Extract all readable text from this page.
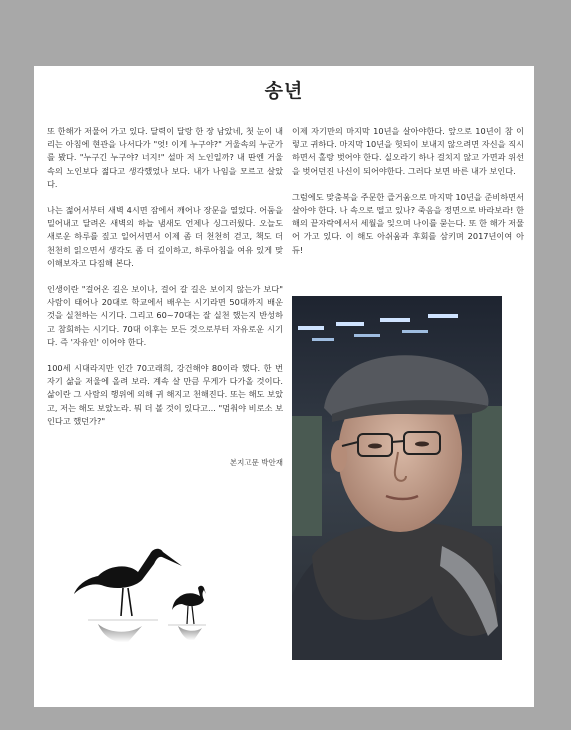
송년

또 한해가 저물어 가고 있다. 달력이 달랑 한 장 남았네, 첫 눈이 내리는 아침에 현관을 나서다가 "엇! 이게 누구야?" 거울속의 누군가를 봤다. "누구긴 누구야? 너지!" 설마 저 노인일까? 내 딴엔 거울속의 노인보다 젊다고 생각했었나 보다. 내가 나임을 모르고 살았다.

나는 젊어서부터 새벽 4시면 잠에서 깨어나 장문을 열었다. 어둠을 밀어내고 달려온 새벽의 하늘 냄새도 언제나 싱그러웠다. 오늘도 새로운 하루를 짚고 일어서면서 이제 좀 더 천천히 걷고, 책도 더 천천히 읽으면서 생각도 좀 더 깊이하고, 하루아침을 여유 있게 맞이해보자고 다짐해 본다.

인생이란 "걸어온 길은 보이나, 걸어 갈 길은 보이지 않는가 보다" 사람이 태어나 20대로 학교에서 배우는 시기라면 50대까지 배운 것을 실천하는 시기다. 그리고 60~70대는 잘 실천 했는지 반성하고 참회하는 시기다. 70대 이후는 모든 것으로부터 자유로운 시기다. 즉 '자유인' 이어야 한다.

100세 시대라지만 인간 70고래희, 강건해야 80이라 했다. 한 번 자기 삶을 저울에 올려 보라. 계속 살 만큼 무게가 다가올 것이다. 삶이란 그 사람의 행위에 의해 귀 해지고 천해진다. 또는 해도 보았고, 저는 해도 보았노라. 뭐 더 볼 것이 있다고... "멈춰야 비로소 보인다고 했던가?"

본지고문 박안재

이제 자기만의 마지막 10년을 살아야한다. 앞으로 10년이 참 이렇고 귀하다. 마지막 10년을 헛되이 보내지 않으려면 자신을 직시하면서 홀랑 벗어야 한다. 실오라기 하나 걸치지 않고 가면과 위선을 벗어던진 나신이 되어야한다. 그러다 보면 바른 내가 보인다.

그럼에도 맞춤복을 주문한 즐거움으로 마지막 10년을 준비하면서 살아야 한다. 나 속으로 떨고 있나? 죽음을 정면으로 바라보라! 한 해의 끝자락에서서 세월을 잊으며 나이를 묻는다. 또 한 해가 저물어 가고 있다. 이 해도 아쉬움과 후회를 삼키며 2017년이여 아듀!
